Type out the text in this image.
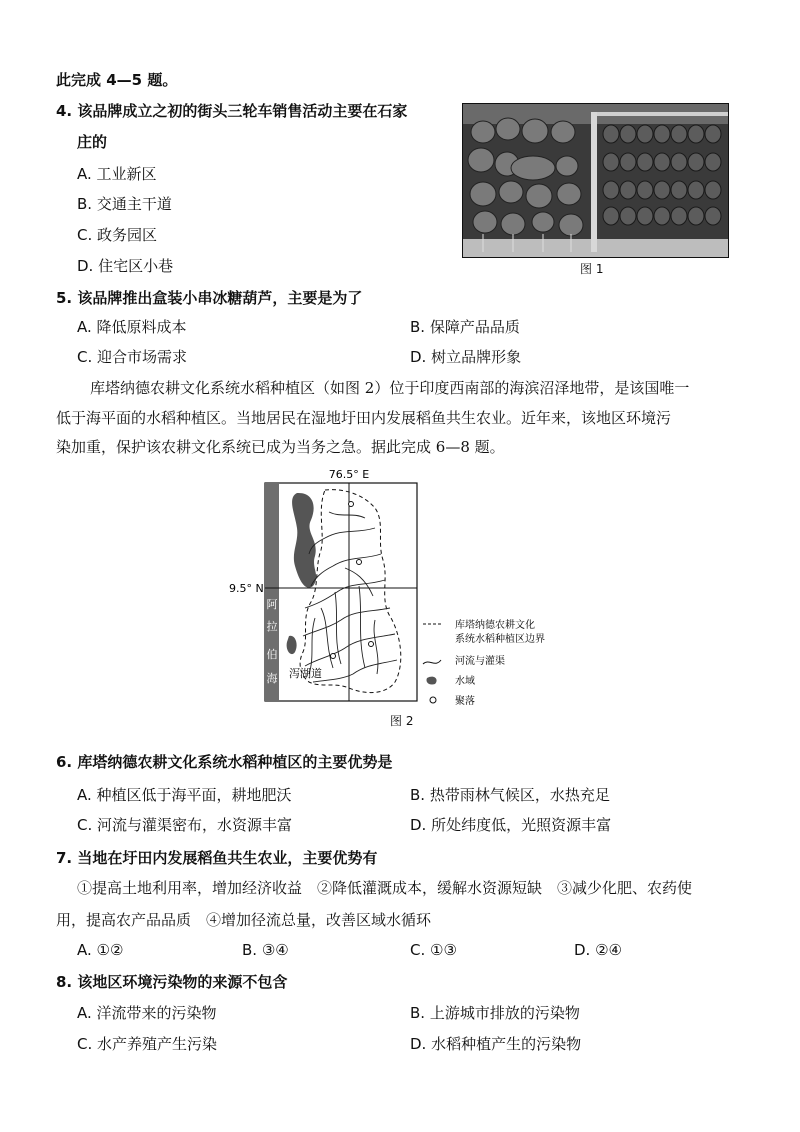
此完成 4—5 题。
4. 该品牌成立之初的街头三轮车销售活动主要在石家
庄的
A. 工业新区
B. 交通主干道
C. 政务园区
D. 住宅区小巷	图 1
5. 该品牌推出盒装小串冰糖葫芦，主要是为了
A. 降低原料成本	B. 保障产品品质
C. 迎合市场需求	D. 树立品牌形象
库塔纳德农耕文化系统水稻种植区（如图 2）位于印度西南部的海滨沼泽地带，是该国唯一
低于海平面的水稻种植区。当地居民在湿地圩田内发展稻鱼共生农业。近年来，该地区环境污
染加重，保护该农耕文化系统已成为当务之急。据此完成 6—8 题。
76.5° E
9.5° N
阿
拉
伯
海 泻湖道
库塔纳德农耕文化
系统水稻种植区边界
河流与灌渠
水域
聚落
图 2
6. 库塔纳德农耕文化系统水稻种植区的主要优势是
A. 种植区低于海平面，耕地肥沃	B. 热带雨林气候区，水热充足
C. 河流与灌渠密布，水资源丰富	D. 所处纬度低，光照资源丰富
7. 当地在圩田内发展稻鱼共生农业，主要优势有
①提高土地利用率，增加经济收益　②降低灌溉成本，缓解水资源短缺　③减少化肥、农药使
用，提高农产品品质　④增加径流总量，改善区域水循环
A. ①②	B. ③④	C. ①③	D. ②④
8. 该地区环境污染物的来源不包含
A. 洋流带来的污染物	B. 上游城市排放的污染物
C. 水产养殖产生污染	D. 水稻种植产生的污染物
